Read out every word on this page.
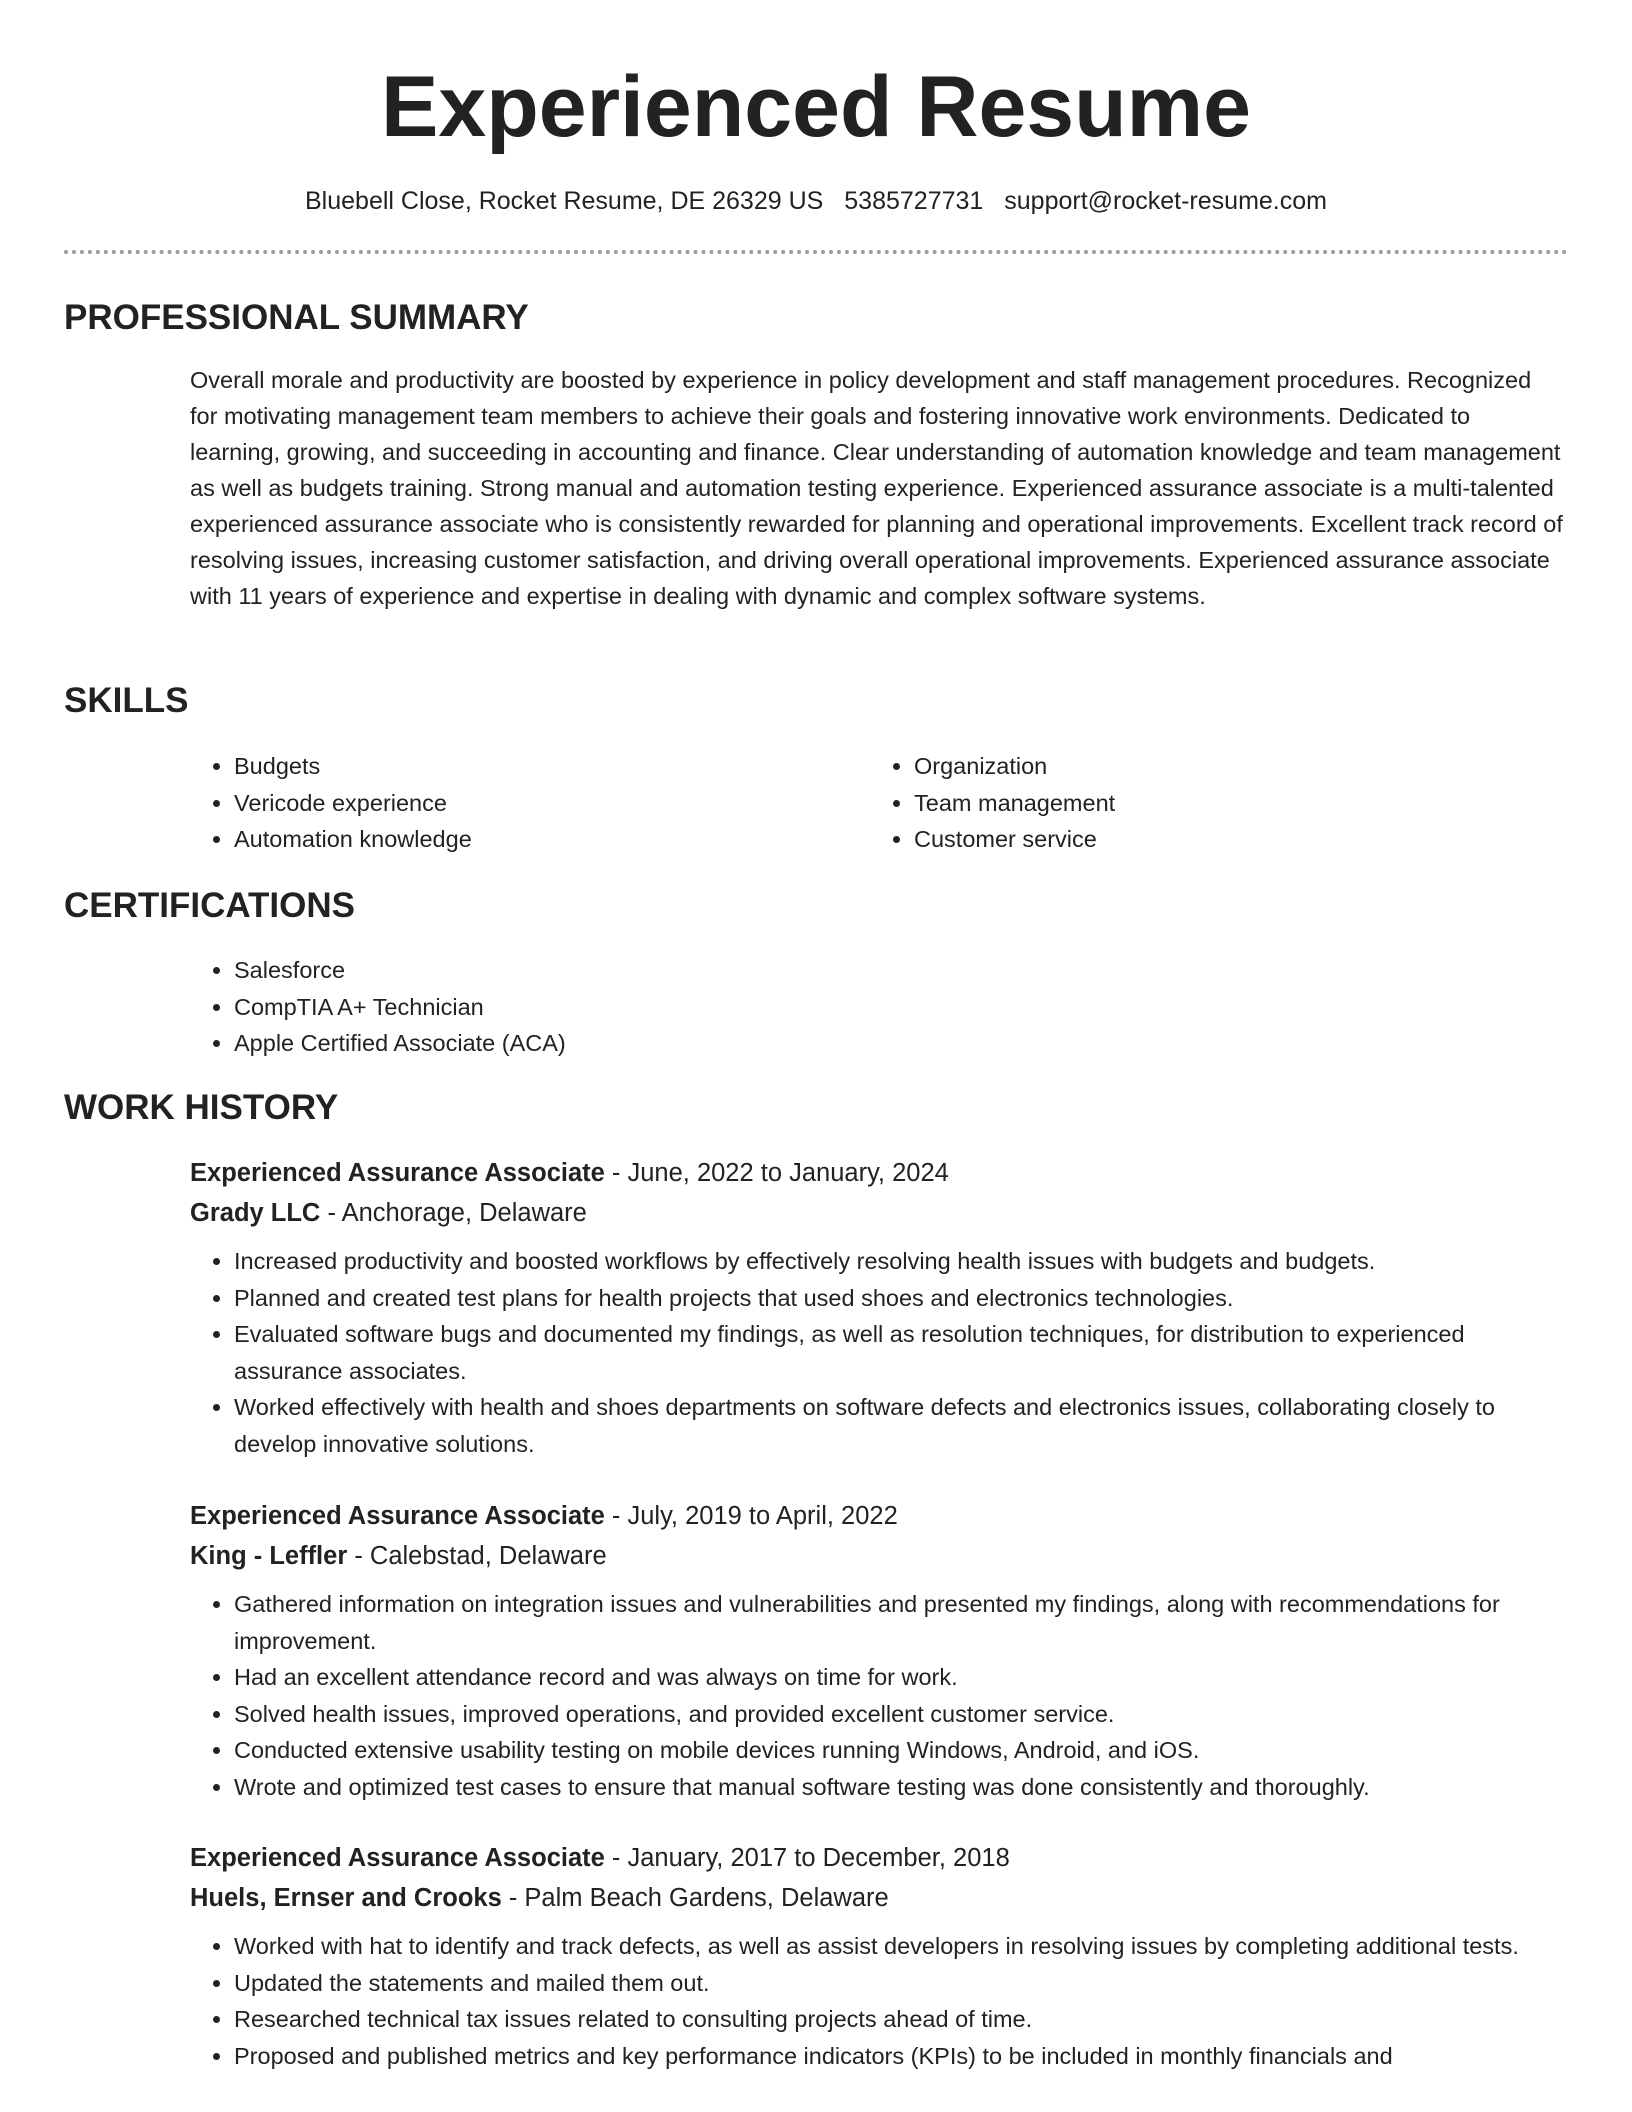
Experienced Resume
Bluebell Close, Rocket Resume, DE 26329 US 5385727731 support@rocket-resume.com
PROFESSIONAL SUMMARY

Overall morale and productivity are boosted by experience in policy development and staff management procedures. Recognized for motivating management team members to achieve their goals and fostering innovative work environments. Dedicated to learning, growing, and succeeding in accounting and finance. Clear understanding of automation knowledge and team management as well as budgets training. Strong manual and automation testing experience. Experienced assurance associate is a multi-talented experienced assurance associate who is consistently rewarded for planning and operational improvements. Excellent track record of resolving issues, increasing customer satisfaction, and driving overall operational improvements. Experienced assurance associate with 11 years of experience and expertise in dealing with dynamic and complex software systems.

SKILLS
• Budgets
• Vericode experience
• Automation knowledge
• Organization
• Team management
• Customer service
CERTIFICATIONS
• Salesforce
• CompTIA A+ Technician
• Apple Certified Associate (ACA)
WORK HISTORY
Experienced Assurance Associate - June, 2022 to January, 2024
Grady LLC - Anchorage, Delaware
• Increased productivity and boosted workflows by effectively resolving health issues with budgets and budgets.
• Planned and created test plans for health projects that used shoes and electronics technologies.
• Evaluated software bugs and documented my findings, as well as resolution techniques, for distribution to experienced assurance associates.
• Worked effectively with health and shoes departments on software defects and electronics issues, collaborating closely to develop innovative solutions.
Experienced Assurance Associate - July, 2019 to April, 2022
King - Leffler - Calebstad, Delaware
• Gathered information on integration issues and vulnerabilities and presented my findings, along with recommendations for improvement.
• Had an excellent attendance record and was always on time for work.
• Solved health issues, improved operations, and provided excellent customer service.
• Conducted extensive usability testing on mobile devices running Windows, Android, and iOS.
• Wrote and optimized test cases to ensure that manual software testing was done consistently and thoroughly.
Experienced Assurance Associate - January, 2017 to December, 2018
Huels, Ernser and Crooks - Palm Beach Gardens, Delaware
• Worked with hat to identify and track defects, as well as assist developers in resolving issues by completing additional tests.
• Updated the statements and mailed them out.
• Researched technical tax issues related to consulting projects ahead of time.
• Proposed and published metrics and key performance indicators (KPIs) to be included in monthly financials and
